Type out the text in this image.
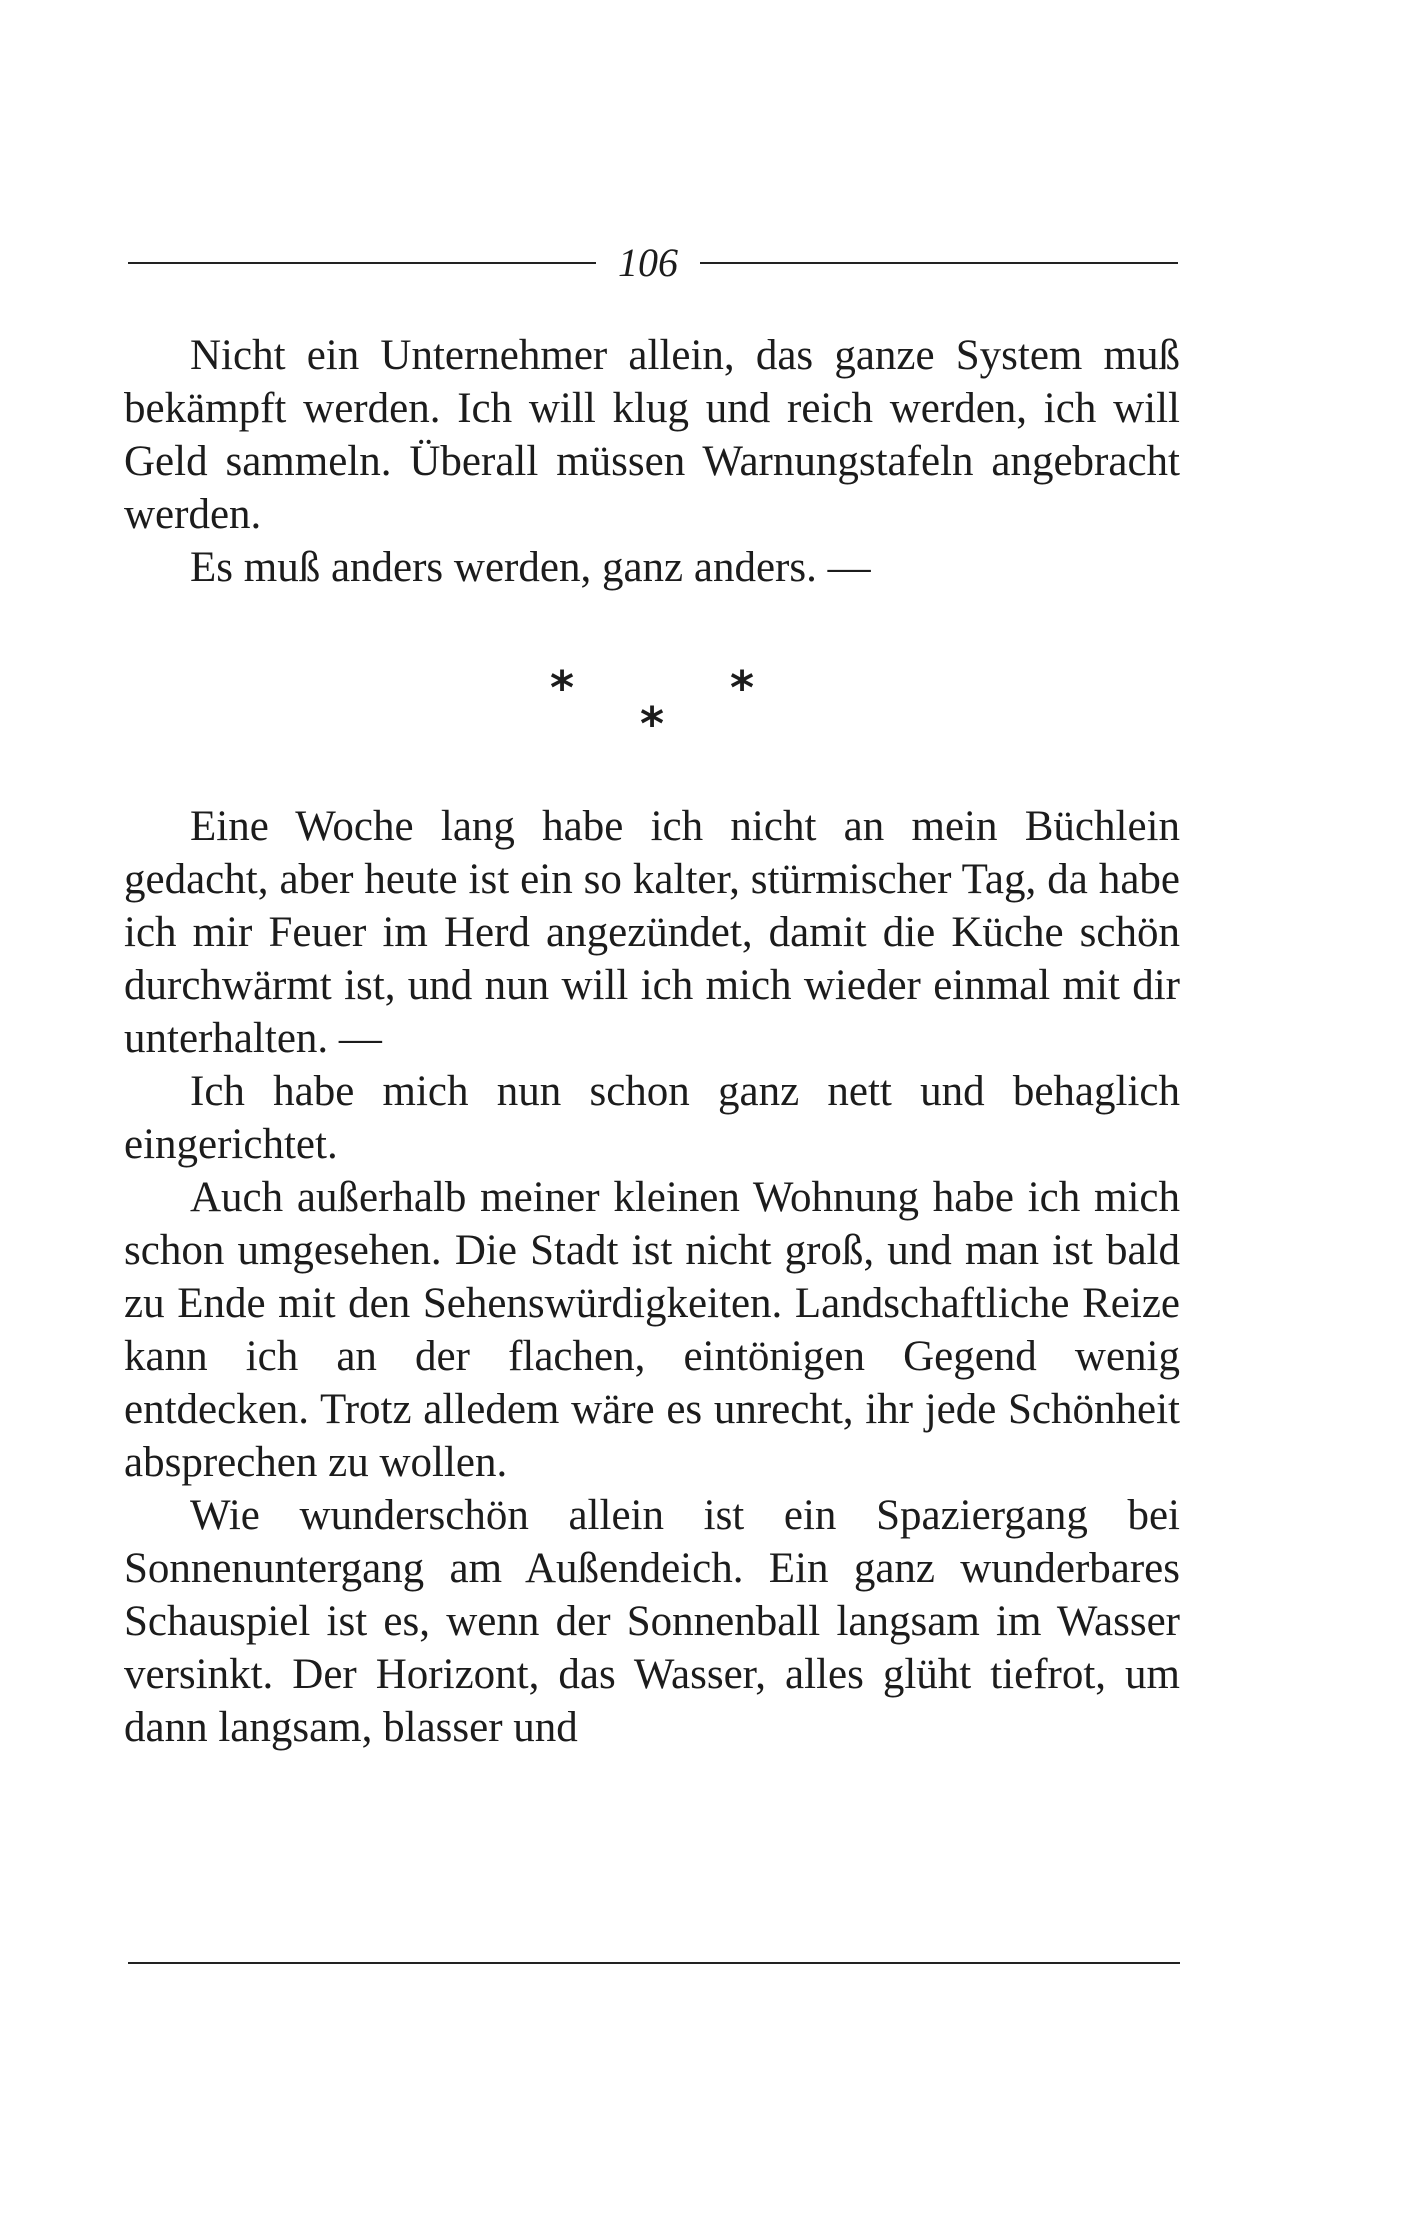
106

Nicht ein Unternehmer allein, das ganze System muß bekämpft werden. Ich will klug und reich werden, ich will Geld sammeln. Überall müssen Warnungstafeln angebracht werden.

Es muß anders werden, ganz anders. —

*	*
*

Eine Woche lang habe ich nicht an mein Büchlein gedacht, aber heute ist ein so kalter, stürmischer Tag, da habe ich mir Feuer im Herd angezündet, damit die Küche schön durchwärmt ist, und nun will ich mich wieder einmal mit dir unterhalten. —

Ich habe mich nun schon ganz nett und behaglich eingerichtet.

Auch außerhalb meiner kleinen Wohnung habe ich mich schon umgesehen. Die Stadt ist nicht groß, und man ist bald zu Ende mit den Sehenswürdigkeiten. Landschaftliche Reize kann ich an der flachen, eintönigen Gegend wenig entdecken. Trotz alledem wäre es unrecht, ihr jede Schönheit absprechen zu wollen.

Wie wunderschön allein ist ein Spaziergang bei Sonnenuntergang am Außendeich. Ein ganz wunderbares Schauspiel ist es, wenn der Sonnenball langsam im Wasser versinkt. Der Horizont, das Wasser, alles glüht tiefrot, um dann langsam, blasser und
